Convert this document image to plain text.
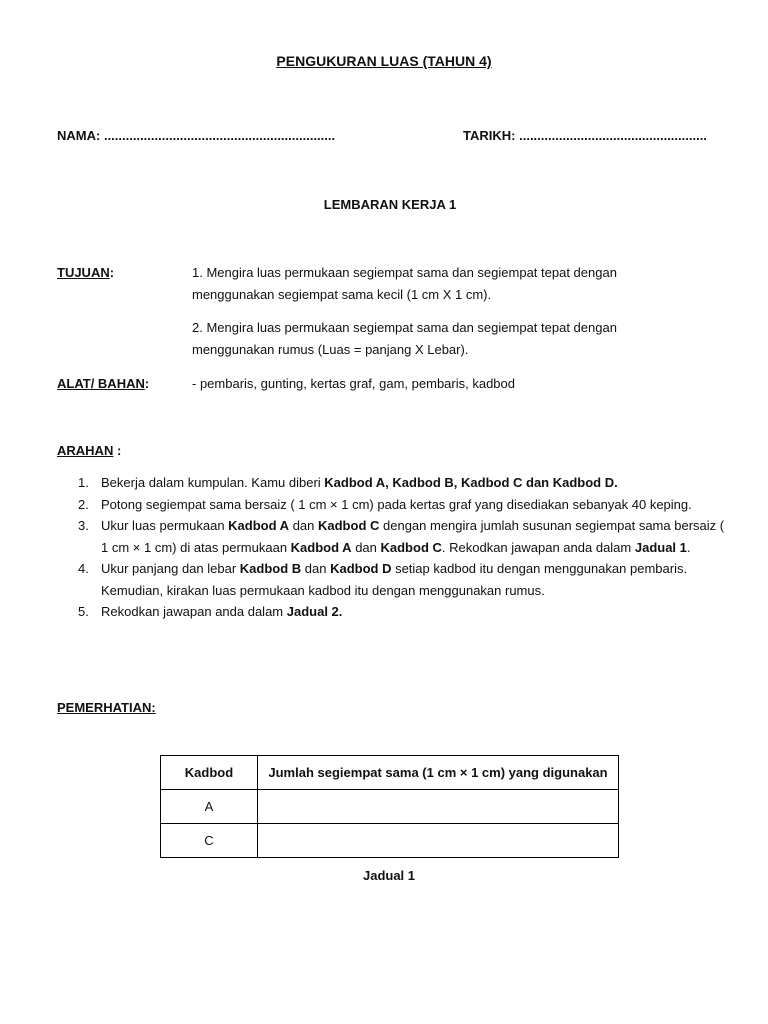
PENGUKURAN LUAS (TAHUN 4)
NAMA: ................................................................	TARIKH: ....................................................
LEMBARAN KERJA 1
TUJUAN:	1. Mengira luas permukaan segiempat sama dan segiempat tepat dengan
menggunakan segiempat sama kecil (1 cm X 1 cm).
2. Mengira luas permukaan segiempat sama dan segiempat tepat dengan
menggunakan rumus (Luas = panjang X Lebar).
ALAT/ BAHAN:	- pembaris, gunting, kertas graf, gam, pembaris, kadbod
ARAHAN :
1. Bekerja dalam kumpulan. Kamu diberi Kadbod A, Kadbod B, Kadbod C dan Kadbod D.
2. Potong segiempat sama bersaiz ( 1 cm × 1 cm) pada kertas graf yang disediakan sebanyak 40 keping.
3. Ukur luas permukaan Kadbod A dan Kadbod C dengan mengira jumlah susunan segiempat sama bersaiz ( 1 cm × 1 cm) di atas permukaan Kadbod A dan Kadbod C. Rekodkan jawapan anda dalam Jadual 1.
4. Ukur panjang dan lebar Kadbod B dan Kadbod D setiap kadbod itu dengan menggunakan pembaris. Kemudian, kirakan luas permukaan kadbod itu dengan menggunakan rumus.
5. Rekodkan jawapan anda dalam Jadual 2.
PEMERHATIAN:
Kadbod	Jumlah segiempat sama (1 cm × 1 cm) yang digunakan
A	
C	
Jadual 1
